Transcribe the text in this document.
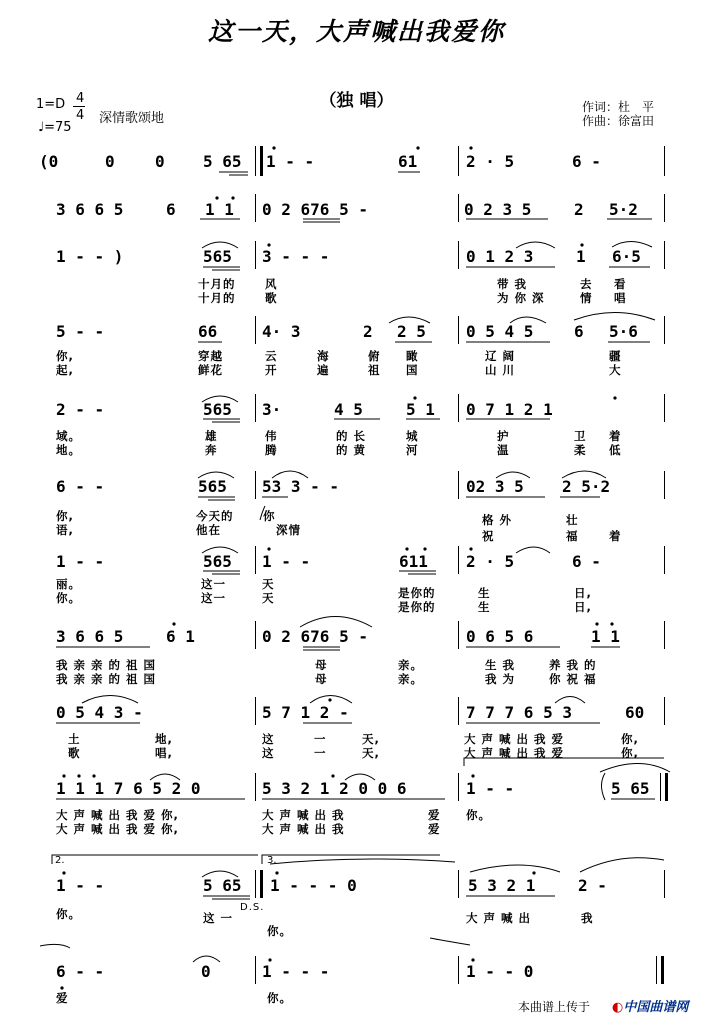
这一天，大声喊出我爱你
（独 唱）
1=D 4
4 深情歌颂地
♩=75
作词：杜　平
作曲：徐富田
(0	0	0 5 65 1 - -	61	2 · 5	6 -
3 6 6 5	6 1 1 0 2 676 5 -	0 2 3 5	2 5·2
1 - - )	565 3 - - -	0 1 2 3	1 6·5
十月的	风	带 我	去 看
十月的	歌	为 你 深	情 唱
5 - -	66	4· 3	2 2 5	0 5 4 5	6 5·6
你,	穿越	云	海	俯 瞰	辽 阔	疆
起,	鲜花	开	遍	祖 国	山 川	大
2 - -	565 3·	4 5	5 1 0 7 1 2 1
域。	雄	伟	的 长	城	护	卫 着
地。	奔	腾	的 黄	河	温	柔 低
6 - -	565 53 3 - -	02 3 5 2 5·2
你,	今天的	你	格 外	壮
语,	他在	深情	祝	福	着
1 - -	565 1 - -	611 2 · 5	6 -
丽。	这一	天
是你的	生	日,
你。	这一	天
是你的	生	日,
3 6 6 5	6 1	0 2 676 5 -	0 6 5 6	1 1
我 亲 亲 的 祖 国	母	亲。	生 我	养 我 的
我 亲 亲 的 祖 国	母	亲。	我 为	你 祝 福
0 5 4 3 -	5 7 1 2 -	7 7 7 6 5 3	60
土	地,	这	一	天,	大 声 喊 出 我 爱	你,
歌	唱,	这	一	天,	大 声 喊 出 我 爱	你,
1 1 1 7 6 5 2 0	5 3 2 1 2 0 0 6	1 - -	5 65
大 声 喊 出 我 爱 你,	大 声 喊 出 我	爱 你。
大 声 喊 出 我 爱 你,	大 声 喊 出 我	爱
2.	3.
1 - -	5 65 1 - - - 0	5 3 2 1	2 -
你。	这 一
D.S.
大 声 喊 出	我
你。
6 - -	0	1 - - -	1 - - 0
爱	你。
本曲谱上传于 ◐中国曲谱网
